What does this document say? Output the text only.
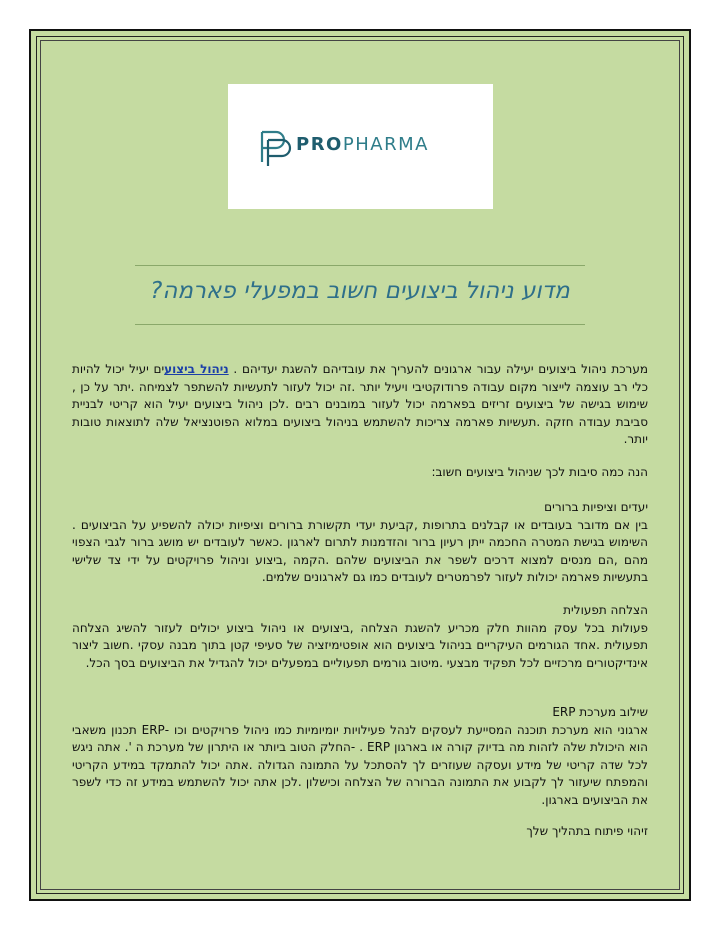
PROPHARMA
מדוע ניהול ביצועים חשוב במפעלי פארמה?

מערכת ניהול ביצועים יעילה עבור ארגונים להעריך את עובדיהם להשגת יעדיהם . ניהול ביצועים יעיל יכול להיות כלי רב עוצמה לייצור מקום עבודה פרודוקטיבי ויעיל יותר .זה יכול לעזור לתעשיות להשתפר לצמיחה .יתר על כן , שימוש בגישה של ביצועים זריזים בפארמה יכול לעזור במובנים רבים .לכן ניהול ביצועים יעיל הוא קריטי לבניית סביבת עבודה חזקה .תעשיות פארמה צריכות להשתמש בניהול ביצועים במלוא הפוטנציאל שלה לתוצאות טובות יותר.

הנה כמה סיבות לכך שניהול ביצועים חשוב:

יעדים וציפיות ברורים

בין אם מדובר בעובדים או קבלנים בתרופות ,קביעת יעדי תקשורת ברורים וציפיות יכולה להשפיע על הביצועים . השימוש בגישת המטרה החכמה ייתן רעיון ברור והזדמנות לתרום לארגון .כאשר לעובדים יש מושג ברור לגבי הצפוי מהם ,הם מנסים למצוא דרכים לשפר את הביצועים שלהם .הקמה ,ביצוע וניהול פרויקטים על ידי צד שלישי בתעשיות פארמה יכולות לעזור לפרמטרים לעובדים כמו גם לארגונים שלמים.

הצלחה תפעולית

פעולות בכל עסק מהוות חלק מכריע להשגת הצלחה ,ביצועים או ניהול ביצוע יכולים לעזור להשיג הצלחה תפעולית .אחד הגורמים העיקריים בניהול ביצועים הוא אופטימיזציה של סעיפי קטן בתוך מבנה עסקי .חשוב ליצור אינדיקטורים מרכזיים לכל תפקיד מבצעי .מיטוב גורמים תפעוליים במפעלים יכול להגדיל את הביצועים בסך הכל.

שילוב מערכת ERP

ארגוני הוא מערכת תוכנה המסייעת לעסקים לנהל פעילויות יומיומיות כמו ניהול פרויקטים וכו -ERP תכנון משאבי הוא היכולת שלה לזהות מה בדיוק קורה או בארגון ERP . -החלק הטוב ביותר או היתרון של מערכת ה '. אתה ניגש לכל שדה קריטי של מידע ועסקה שעוזרים לך להסתכל על התמונה הגדולה .אתה יכול להתמקד במידע הקריטי והמפתח שיעזור לך לקבוע את התמונה הברורה של הצלחה וכישלון .לכן אתה יכול להשתמש במידע זה כדי לשפר את הביצועים בארגון.

זיהוי פיתוח בתהליך שלך
